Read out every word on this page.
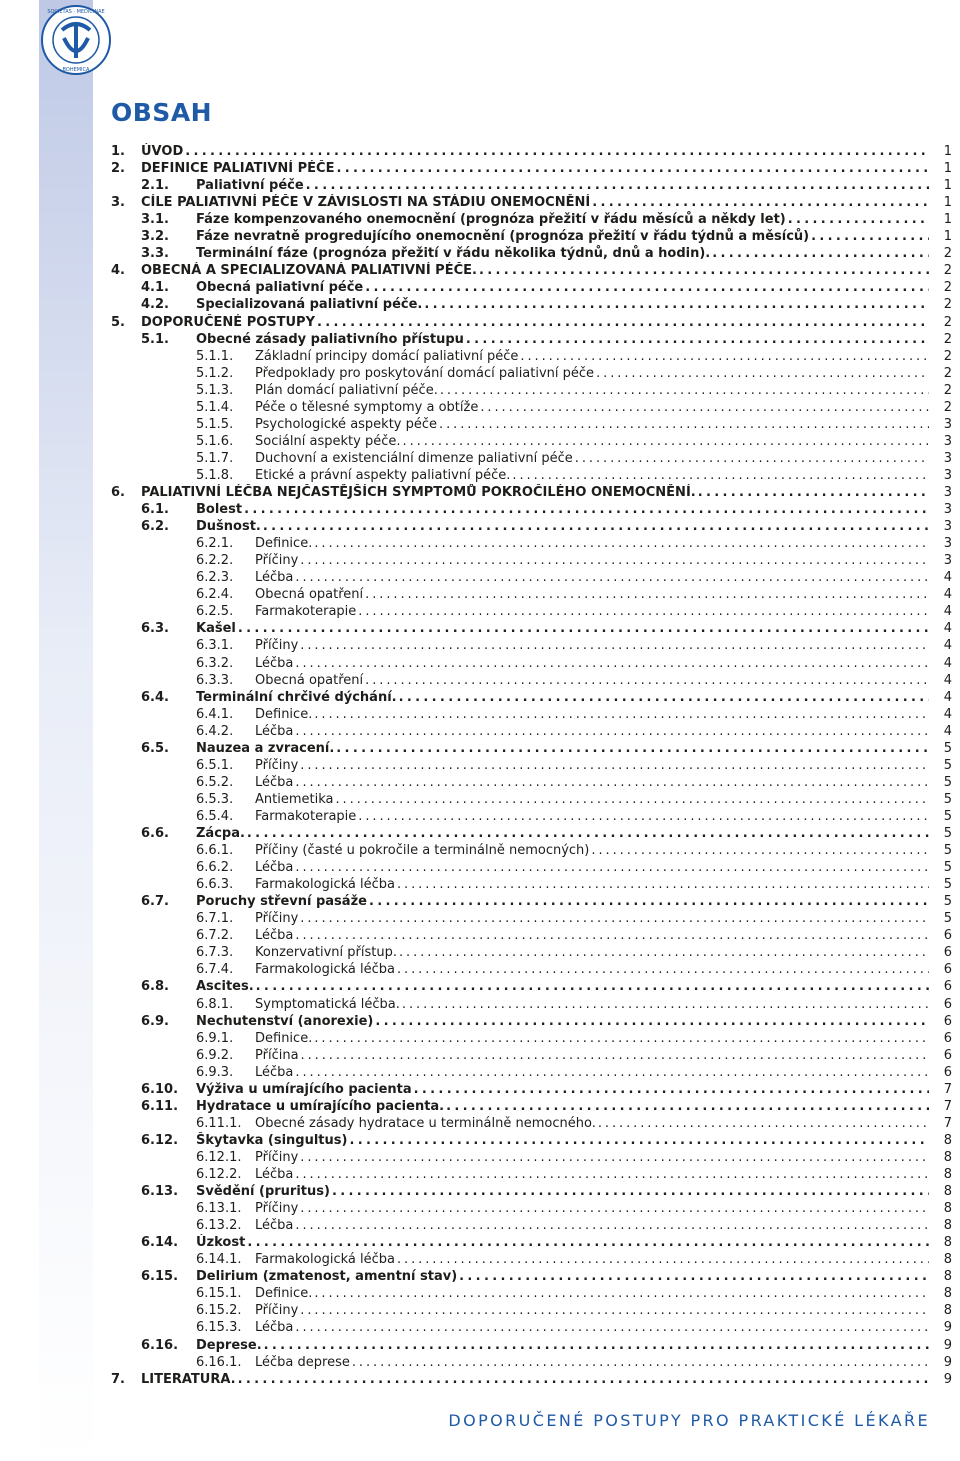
SOCIETAS · MEDICINAE
BOHEMICA
OBSAH
1. ÚVOD . . .	1
2. DEFINICE PALIATIVNÍ PÉČE . . .	1
2.1. Paliativní péče . . .	1
3. CÍLE PALIATIVNÍ PÉČE V ZÁVISLOSTI NA STÁDIU ONEMOCNĚNÍ . . .	1
3.1. Fáze kompenzovaného onemocnění (prognóza přežití v řádu měsíců a někdy let) . . .	1
3.2. Fáze nevratně progredujícího onemocnění (prognóza přežití v řádu týdnů a měsíců) . . .	1
3.3. Terminální fáze (prognóza přežití v řádu několika týdnů, dnů a hodin). . . .	2
4. OBECNÁ A SPECIALIZOVANÁ PALIATIVNÍ PÉČE. . . .	2
4.1. Obecná paliativní péče . . .	2
4.2. Specializovaná paliativní péče. . . .	2
5. DOPORUČENÉ POSTUPY . . .	2
5.1. Obecné zásady paliativního přístupu . . .	2
5.1.1. Základní principy domácí paliativní péče . . .	2
5.1.2. Předpoklady pro poskytování domácí paliativní péče . . .	2
5.1.3. Plán domácí paliativní péče. . . .	2
5.1.4. Péče o tělesné symptomy a obtíže . . .	2
5.1.5. Psychologické aspekty péče . . .	3
5.1.6. Sociální aspekty péče. . . .	3
5.1.7. Duchovní a existenciální dimenze paliativní péče . . .	3
5.1.8. Etické a právní aspekty paliativní péče. . . .	3
6. PALIATIVNÍ LÉČBA NEJČASTĚJŠÍCH SYMPTOMŮ POKROČILÉHO ONEMOCNĚNÍ. . . .	3
6.1. Bolest . . .	3
6.2. Dušnost. . . .	3
6.2.1. Definice. . . .	3
6.2.2. Příčiny . . .	3
6.2.3. Léčba . . .	4
6.2.4. Obecná opatření . . .	4
6.2.5. Farmakoterapie . . .	4
6.3. Kašel . . .	4
6.3.1. Příčiny . . .	4
6.3.2. Léčba . . .	4
6.3.3. Obecná opatření . . .	4
6.4. Terminální chrčivé dýchání. . . .	4
6.4.1. Definice. . . .	4
6.4.2. Léčba . . .	4
6.5. Nauzea a zvracení. . . .	5
6.5.1. Příčiny . . .	5
6.5.2. Léčba . . .	5
6.5.3. Antiemetika . . .	5
6.5.4. Farmakoterapie . . .	5
6.6. Zácpa. . . .	5
6.6.1. Příčiny (časté u pokročile a terminálně nemocných) . . .	5
6.6.2. Léčba . . .	5
6.6.3. Farmakologická léčba . . .	5
6.7. Poruchy střevní pasáže . . .	5
6.7.1. Příčiny . . .	5
6.7.2. Léčba . . .	6
6.7.3. Konzervativní přístup. . . .	6
6.7.4. Farmakologická léčba . . .	6
6.8. Ascites. . . .	6
6.8.1. Symptomatická léčba. . . .	6
6.9. Nechutenství (anorexie) . . .	6
6.9.1. Definice. . . .	6
6.9.2. Příčina . . .	6
6.9.3. Léčba . . .	6
6.10. Výživa u umírajícího pacienta . . .	7
6.11. Hydratace u umírajícího pacienta. . . .	7
6.11.1. Obecné zásady hydratace u terminálně nemocného. . . .	7
6.12. Škytavka (singultus) . . .	8
6.12.1. Příčiny . . .	8
6.12.2. Léčba . . .	8
6.13. Svědění (pruritus) . . .	8
6.13.1. Příčiny . . .	8
6.13.2. Léčba . . .	8
6.14. Úzkost . . .	8
6.14.1. Farmakologická léčba . . .	8
6.15. Delirium (zmatenost, amentní stav) . . .	8
6.15.1. Definice. . . .	8
6.15.2. Příčiny . . .	8
6.15.3. Léčba . . .	9
6.16. Deprese. . . .	9
6.16.1. Léčba deprese . . .	9
7. LITERATURA. . . .	9
DOPORUČENÉ POSTUPY PRO PRAKTICKÉ LÉKAŘE
